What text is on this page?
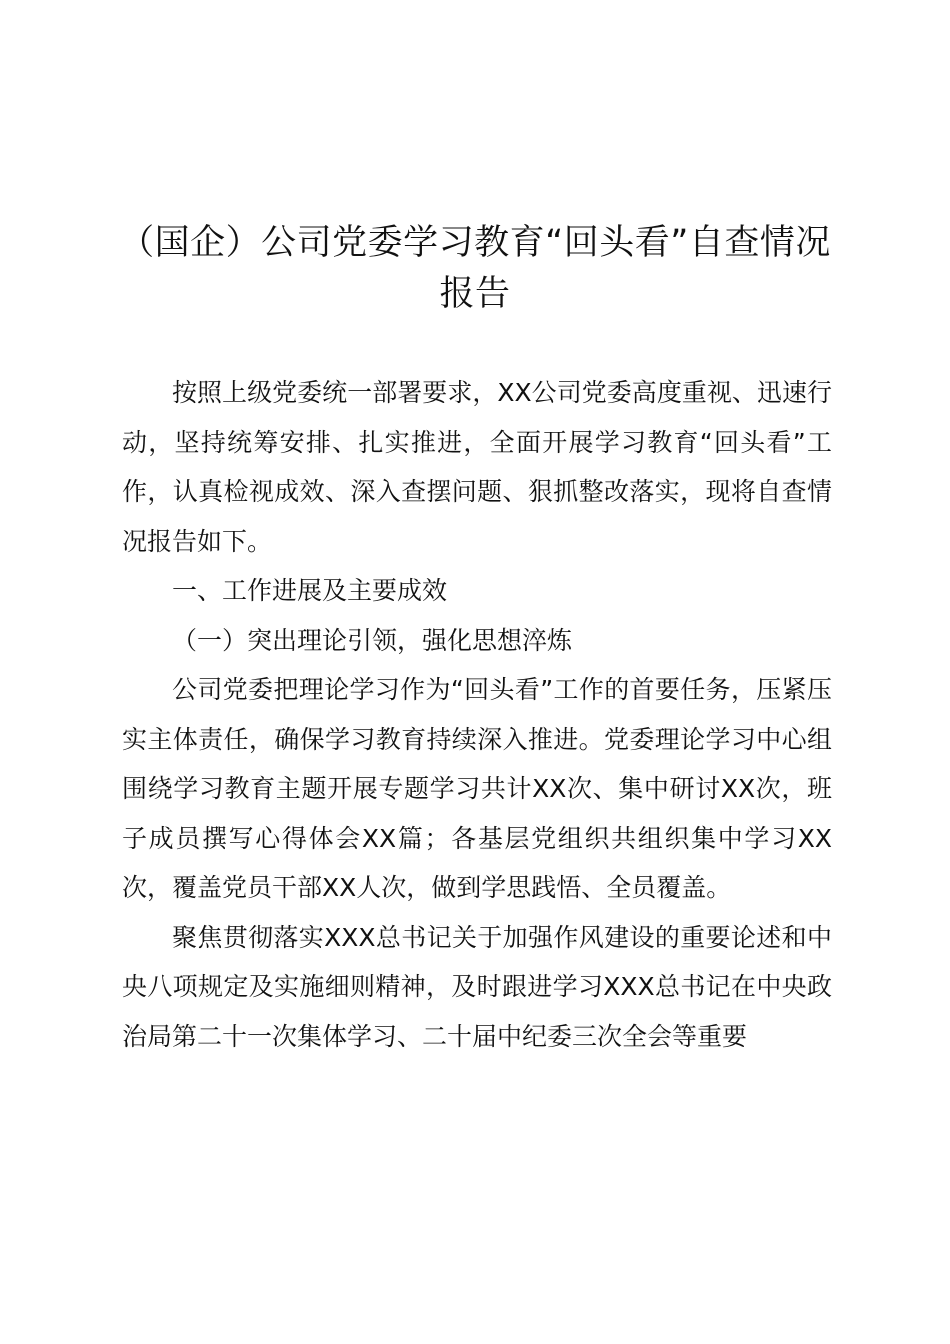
（国企）公司党委学习教育“回头看”自查情况报告

按照上级党委统一部署要求，XX公司党委高度重视、迅速行动，坚持统筹安排、扎实推进，全面开展学习教育“回头看”工作，认真检视成效、深入查摆问题、狠抓整改落实，现将自查情况报告如下。

一、工作进展及主要成效

（一）突出理论引领，强化思想淬炼

公司党委把理论学习作为“回头看”工作的首要任务，压紧压实主体责任，确保学习教育持续深入推进。党委理论学习中心组围绕学习教育主题开展专题学习共计XX次、集中研讨XX次，班子成员撰写心得体会XX篇；各基层党组织共组织集中学习XX次，覆盖党员干部XX人次，做到学思践悟、全员覆盖。

聚焦贯彻落实XXX总书记关于加强作风建设的重要论述和中央八项规定及实施细则精神，及时跟进学习XXX总书记在中央政治局第二十一次集体学习、二十届中纪委三次全会等重要
